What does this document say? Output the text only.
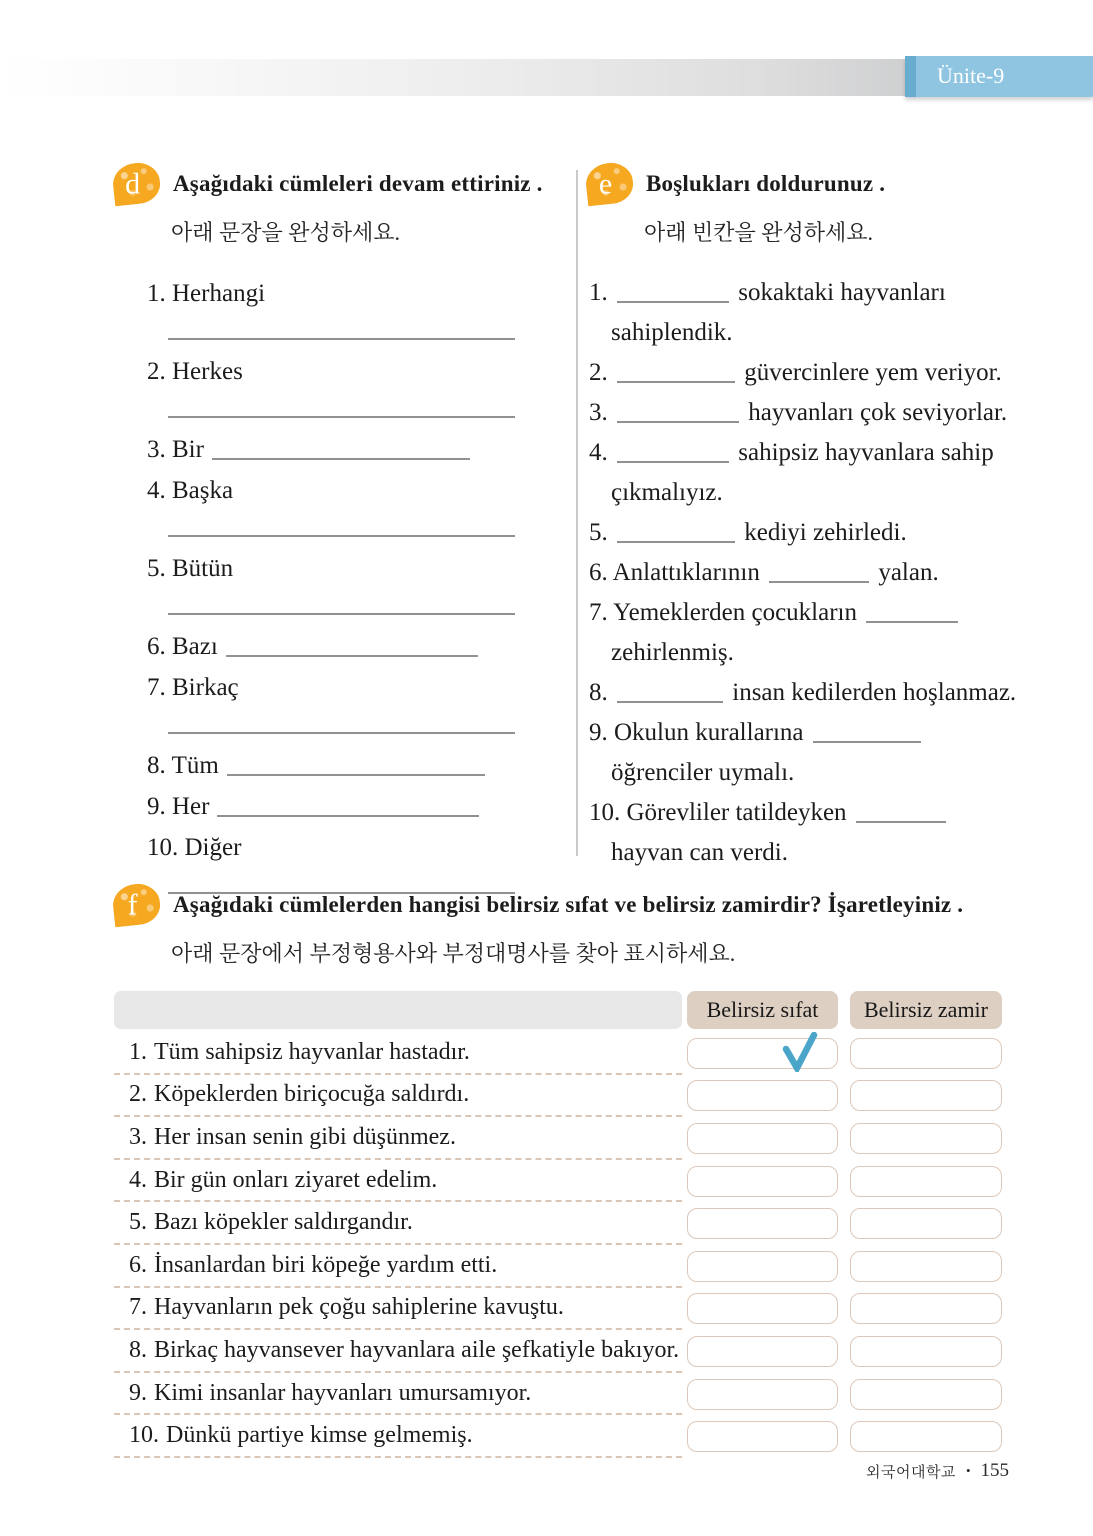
Ünite-9
d	Aşağıdaki cümleleri devam ettiriniz .
아래 문장을 완성하세요.
1. Herhangi
2. Herkes
3. Bir
4. Başka
5. Bütün
6. Bazı
7. Birkaç
8. Tüm
9. Her
10. Diğer
e	Boşlukları doldurunuz .
아래 빈칸을 완성하세요.
1.	sokaktaki hayvanları
sahiplendik.
2.	güvercinlere yem veriyor.
3.	hayvanları çok seviyorlar.
4.	sahipsiz hayvanlara sahip
çıkmalıyız.
5.	kediyi zehirledi.
6. Anlattıklarının	yalan.
7. Yemeklerden çocukların
zehirlenmiş.
8.	insan kedilerden hoşlanmaz.
9. Okulun kurallarına
öğrenciler uymalı.
10. Görevliler tatildeyken
hayvan can verdi.
f	Aşağıdaki cümlelerden hangisi belirsiz sıfat ve belirsiz zamirdir? İşaretleyiniz .
아래 문장에서 부정형용사와 부정대명사를 찾아 표시하세요.
Belirsiz sıfat	Belirsiz zamir
1. Tüm sahipsiz hayvanlar hastadır.
2. Köpeklerden biriçocuğa saldırdı.
3. Her insan senin gibi düşünmez.
4. Bir gün onları ziyaret edelim.
5. Bazı köpekler saldırgandır.
6. İnsanlardan biri köpeğe yardım etti.
7. Hayvanların pek çoğu sahiplerine kavuştu.
8. Birkaç hayvansever hayvanlara aile şefkatiyle bakıyor.
9. Kimi insanlar hayvanları umursamıyor.
10. Dünkü partiye kimse gelmemiş.
외국어대학교 • 155
